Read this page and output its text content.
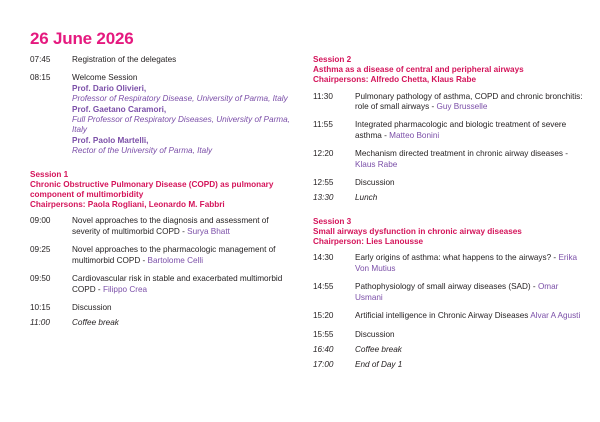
26 June 2026
07:45	Registration of the delegates
08:15	Welcome Session
Prof. Dario Olivieri,
Professor of Respiratory Disease, University of Parma, Italy
Prof. Gaetano Caramori,
Full Professor of Respiratory Diseases, University of Parma, Italy
Prof. Paolo Martelli,
Rector of the University of Parma, Italy
Session 1
Chronic Obstructive Pulmonary Disease (COPD) as pulmonary component of multimorbidity
Chairpersons: Paola Rogliani, Leonardo M. Fabbri
09:00	Novel approaches to the diagnosis and assessment of severity of multimorbid COPD - Surya Bhatt
09:25	Novel approaches to the pharmacologic management of multimorbid COPD - Bartolome Celli
09:50	Cardiovascular risk in stable and exacerbated multimorbid COPD - Filippo Crea
10:15	Discussion
11:00	Coffee break
Session 2
Asthma as a disease of central and peripheral airways
Chairpersons: Alfredo Chetta, Klaus Rabe
11:30	Pulmonary pathology of asthma, COPD and chronic bronchitis: role of small airways - Guy Brusselle
11:55	Integrated pharmacologic and biologic treatment of severe asthma - Matteo Bonini
12:20	Mechanism directed treatment in chronic airway diseases - Klaus Rabe
12:55	Discussion
13:30	Lunch
Session 3
Small airways dysfunction in chronic airway diseases
Chairperson: Lies Lanousse
14:30	Early origins of asthma: what happens to the airways? - Erika Von Mutius
14:55	Pathophysiology of small airway diseases (SAD) - Omar Usmani
15:20	Artificial intelligence in Chronic Airway Diseases Alvar A Agusti
15:55	Discussion
16:40	Coffee break
17:00	End of Day 1
